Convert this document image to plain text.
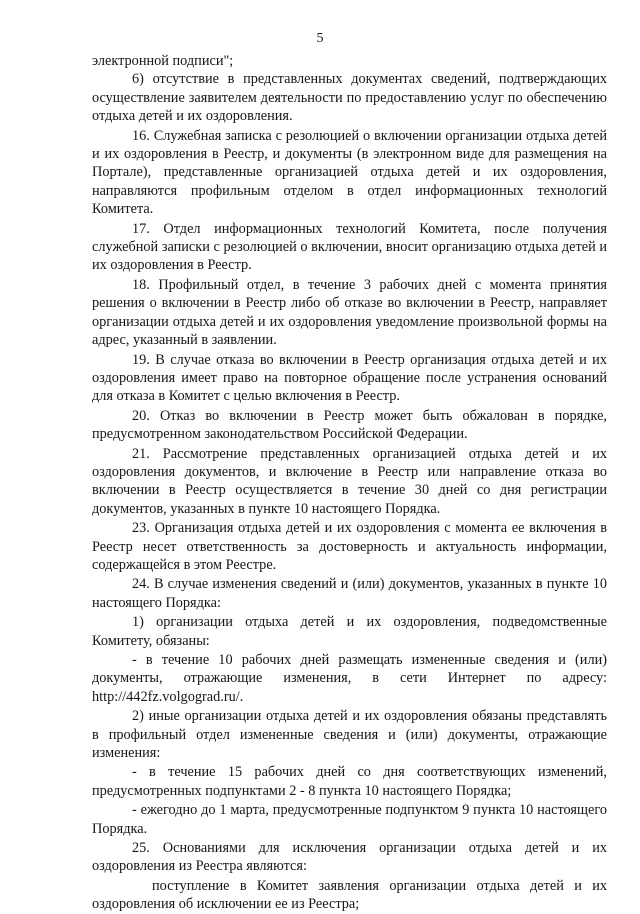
5

электронной подписи";

6) отсутствие в представленных документах сведений, подтверждающих осуществление заявителем деятельности по предоставлению услуг по обеспечению отдыха детей и их оздоровления.

16. Служебная записка с резолюцией о включении организации отдыха детей и их оздоровления в Реестр, и документы (в электронном виде для размещения на Портале), представленные организацией отдыха детей и их оздоровления, направляются профильным отделом в отдел информационных технологий Комитета.

17. Отдел информационных технологий Комитета, после получения служебной записки с резолюцией о включении, вносит организацию отдыха детей и их оздоровления в Реестр.

18. Профильный отдел, в течение 3 рабочих дней с момента принятия решения о включении в Реестр либо об отказе во включении в Реестр, направляет организации отдыха детей и их оздоровления уведомление произвольной формы на адрес, указанный в заявлении.

19. В случае отказа во включении в Реестр организация отдыха детей и их оздоровления имеет право на повторное обращение после устранения оснований для отказа в Комитет с целью включения в Реестр.

20. Отказ во включении в Реестр может быть обжалован в порядке, предусмотренном законодательством Российской Федерации.

21. Рассмотрение представленных организацией отдыха детей и их оздоровления документов, и включение в Реестр или направление отказа во включении в Реестр осуществляется в течение 30 дней со дня регистрации документов, указанных в пункте 10 настоящего Порядка.

23. Организация отдыха детей и их оздоровления с момента ее включения в Реестр несет ответственность за достоверность и актуальность информации, содержащейся в этом Реестре.

24. В случае изменения сведений и (или) документов, указанных в пункте 10 настоящего Порядка:

1) организации отдыха детей и их оздоровления, подведомственные Комитету, обязаны:

- в течение 10 рабочих дней размещать измененные сведения и (или) документы, отражающие изменения, в сети Интернет по адресу: http://442fz.volgograd.ru/.

2) иные организации отдыха детей и их оздоровления обязаны представлять в профильный отдел измененные сведения и (или) документы, отражающие изменения:

- в течение 15 рабочих дней со дня соответствующих изменений, предусмотренных подпунктами 2 - 8 пункта 10 настоящего Порядка;

- ежегодно до 1 марта, предусмотренные подпунктом 9 пункта 10 настоящего Порядка.

25. Основаниями для исключения организации отдыха детей и их оздоровления из Реестра являются:

поступление в Комитет заявления организации отдыха детей и их оздоровления об исключении ее из Реестра;
